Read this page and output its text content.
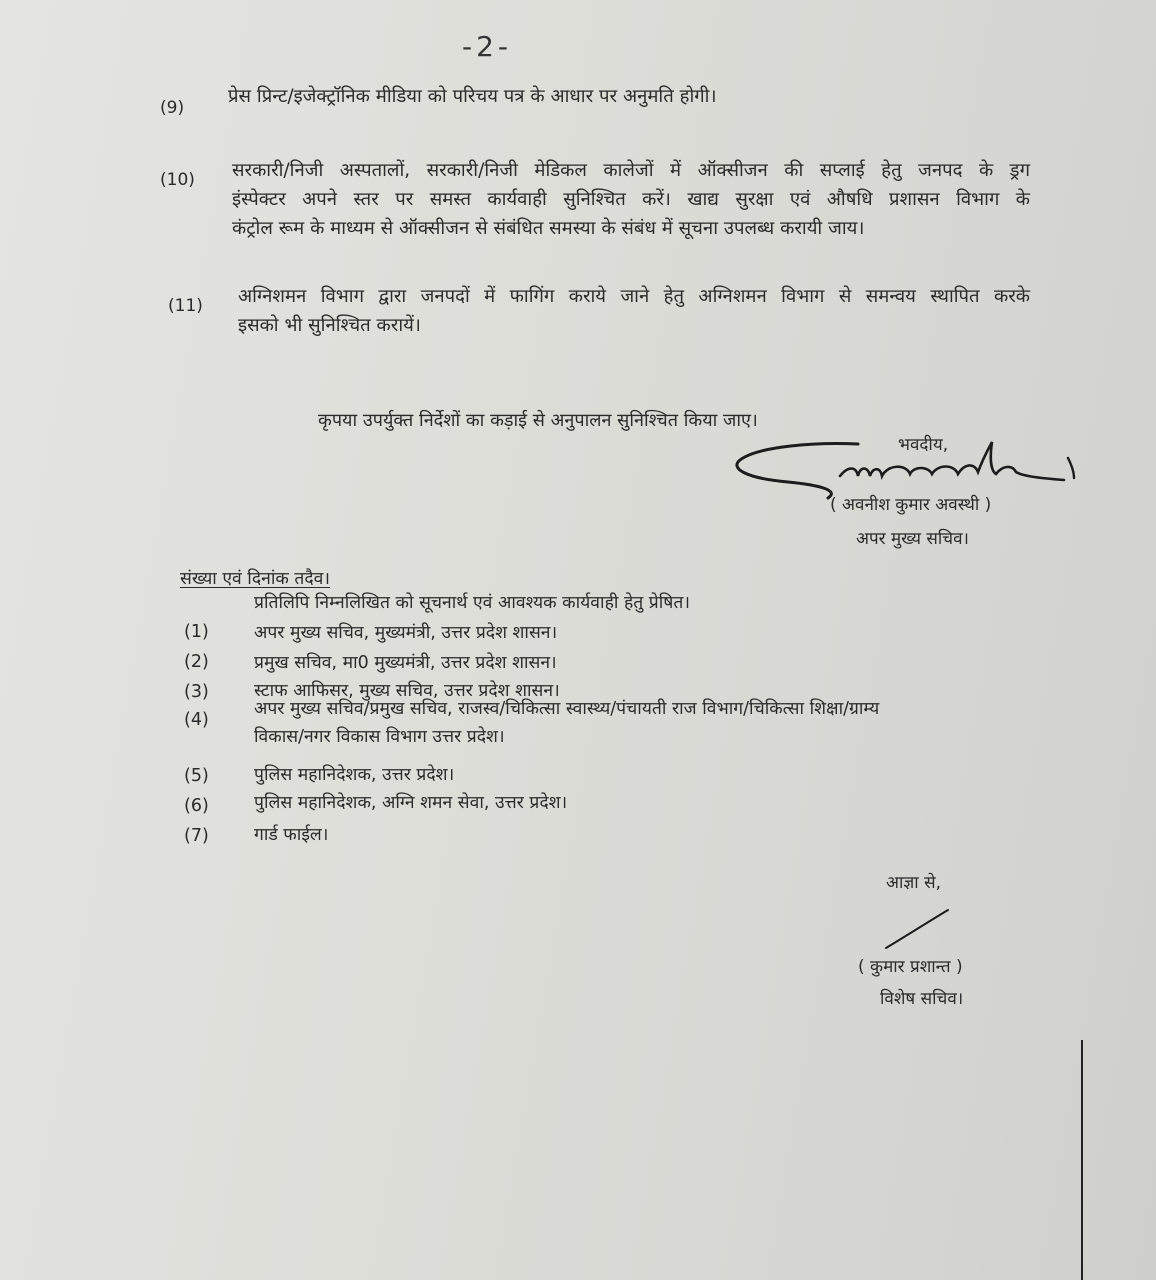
-2-
(9)
प्रेस प्रिन्ट/इजेक्ट्रॉनिक मीडिया को परिचय पत्र के आधार पर अनुमति होगी।
(10) सरकारी/निजी अस्पतालों, सरकारी/निजी मेडिकल कालेजों में ऑक्सीजन की सप्लाई हेतु जनपद के ड्रग
इंस्पेक्टर अपने स्तर पर समस्त कार्यवाही सुनिश्चित करें। खाद्य सुरक्षा एवं औषधि प्रशासन विभाग के
कंट्रोल रूम के माध्यम से ऑक्सीजन से संबंधित समस्या के संबंध में सूचना उपलब्ध करायी जाय।
(11) अग्निशमन विभाग द्वारा जनपदों में फागिंग कराये जाने हेतु अग्निशमन विभाग से समन्वय स्थापित करके
इसको भी सुनिश्चित करायें।
कृपया उपर्युक्त निर्देशों का कड़ाई से अनुपालन सुनिश्चित किया जाए।
भवदीय,
( अवनीश कुमार अवस्थी )
अपर मुख्य सचिव।
संख्या एवं दिनांक तदैव।
प्रतिलिपि निम्नलिखित को सूचनार्थ एवं आवश्यक कार्यवाही हेतु प्रेषित।
(1)	अपर मुख्य सचिव, मुख्यमंत्री, उत्तर प्रदेश शासन।
(2)	प्रमुख सचिव, मा0 मुख्यमंत्री, उत्तर प्रदेश शासन।
(3)	स्टाफ आफिसर, मुख्य सचिव, उत्तर प्रदेश शासन।
(4)
अपर मुख्य सचिव/प्रमुख सचिव, राजस्व/चिकित्सा स्वास्थ्य/पंचायती राज विभाग/चिकित्सा शिक्षा/ग्राम्य
विकास/नगर विकास विभाग उत्तर प्रदेश।
(5)	पुलिस महानिदेशक, उत्तर प्रदेश।
(6)	पुलिस महानिदेशक, अग्नि शमन सेवा, उत्तर प्रदेश।
(7)	गार्ड फाईल।
आज्ञा से,
( कुमार प्रशान्त )
विशेष सचिव।
